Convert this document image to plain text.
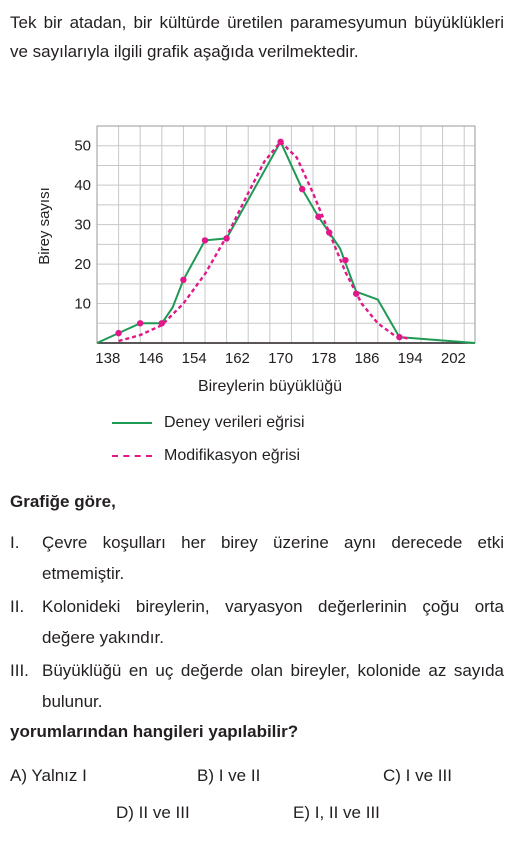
Tek bir atadan, bir kültürde üretilen paramesyumun büyüklükleri ve sayılarıyla ilgili grafik aşağıda verilmektedir.
10
20
30
40
50
138 146 154 162 170 178 186 194 202
Birey sayısı
Bireylerin büyüklüğü
Deney verileri eğrisi
Modifikasyon eğrisi
Grafiğe göre,
I.	Çevre koşulları her birey üzerine aynı derecede etki etmemiştir.
II.	Kolonideki bireylerin, varyasyon değerlerinin çoğu orta değere yakındır.
III. Büyüklüğü en uç değerde olan bireyler, kolonide az sayıda bulunur.
yorumlarından hangileri yapılabilir?
A) Yalnız I	B) I ve II	C) I ve III
D) II ve III	E) I, II ve III
